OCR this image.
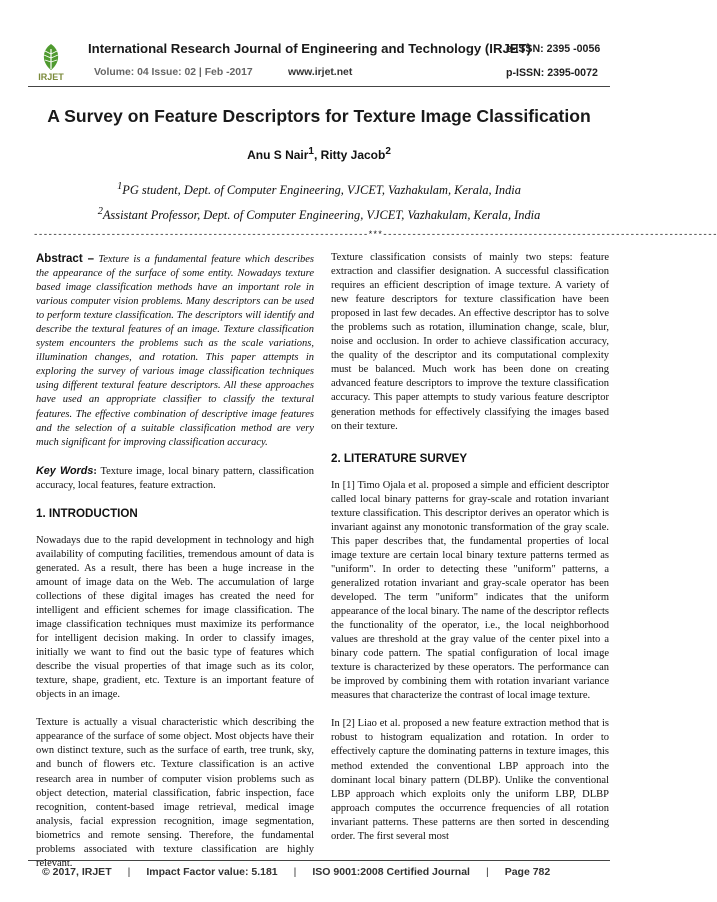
IRJET
International Research Journal of Engineering and Technology (IRJET)
e-ISSN: 2395 -0056
Volume: 04 Issue: 02 | Feb -2017	www.irjet.net	p-ISSN: 2395-0072
A Survey on Feature Descriptors for Texture Image Classification
Anu S Nair$^1$, Ritty Jacob$^2$
$^1$PG student, Dept. of Computer Engineering, VJCET, Vazhakulam, Kerala, India
$^2$Assistant Professor, Dept. of Computer Engineering, VJCET, Vazhakulam, Kerala, India
---------------------------------------------------------------------***---------------------------------------------------------------------

Abstract – Texture is a fundamental feature which describes the appearance of the surface of some entity. Nowadays texture based image classification methods have an important role in various computer vision problems. Many descriptors can be used to perform texture classification. The descriptors will identify and describe the textural features of an image. Texture classification system encounters the problems such as the scale variations, illumination changes, and rotation. This paper attempts in exploring the survey of various image classification techniques using different textural feature descriptors. All these approaches have used an appropriate classifier to classify the textural features. The effective combination of descriptive image features and the selection of a suitable classification method are very much significant for improving classification accuracy.

Key Words: Texture image, local binary pattern, classification accuracy, local features, feature extraction.

1. INTRODUCTION

Nowadays due to the rapid development in technology and high availability of computing facilities, tremendous amount of data is generated. As a result, there has been a huge increase in the amount of image data on the Web. The accumulation of large collections of these digital images has created the need for intelligent and efficient schemes for image classification. The image classification techniques must maximize its performance for intelligent decision making. In order to classify images, initially we want to find out the basic type of features which describe the visual properties of that image such as its color, texture, shape, gradient, etc. Texture is an important feature of objects in an image.

Texture is actually a visual characteristic which describing the appearance of the surface of some object. Most objects have their own distinct texture, such as the surface of earth, tree trunk, sky, and bunch of flowers etc. Texture classification is an active research area in number of computer vision problems such as object detection, material classification, fabric inspection, face recognition, content-based image retrieval, medical image analysis, facial expression recognition, image segmentation, biometrics and remote sensing. Therefore, the fundamental problems associated with texture classification are highly relevant.

Texture classification consists of mainly two steps: feature extraction and classifier designation. A successful classification requires an efficient description of image texture. A variety of new feature descriptors for texture classification have been proposed in last few decades. An effective descriptor has to solve the problems such as rotation, illumination change, scale, blur, noise and occlusion. In order to achieve classification accuracy, the quality of the descriptor and its computational complexity must be balanced. Much work has been done on creating advanced feature descriptors to improve the texture classification accuracy. This paper attempts to study various feature descriptor generation methods for effectively classifying the images based on their texture.

2. LITERATURE SURVEY

In [1] Timo Ojala et al. proposed a simple and efficient descriptor called local binary patterns for gray-scale and rotation invariant texture classification. This descriptor derives an operator which is invariant against any monotonic transformation of the gray scale. This paper describes that, the fundamental properties of local image texture are certain local binary texture patterns termed as "uniform". In order to detecting these "uniform" patterns, a generalized rotation invariant and gray-scale operator has been developed. The term "uniform" indicates that the uniform appearance of the local binary. The name of the descriptor reflects the functionality of the operator, i.e., the local neighborhood values are threshold at the gray value of the center pixel into a binary code pattern. The spatial configuration of local image texture is characterized by these operators. The performance can be improved by combining them with rotation invariant variance measures that characterize the contrast of local image texture.

In [2] Liao et al. proposed a new feature extraction method that is robust to histogram equalization and rotation. In order to effectively capture the dominating patterns in texture images, this method extended the conventional LBP approach into the dominant local binary pattern (DLBP). Unlike the conventional LBP approach which exploits only the uniform LBP, DLBP approach computes the occurrence frequencies of all rotation invariant patterns. These patterns are then sorted in descending order. The first several most

© 2017, IRJET | Impact Factor value: 5.181 | ISO 9001:2008 Certified Journal | Page 782
